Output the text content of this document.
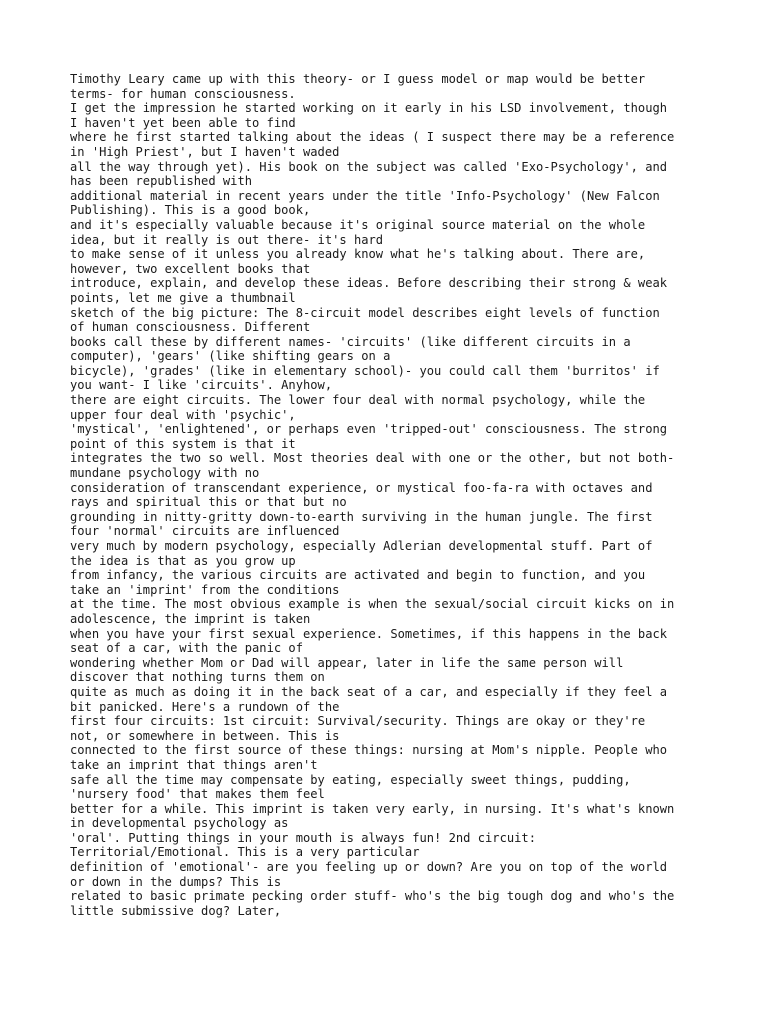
Timothy Leary came up with this theory- or I guess model or map would be better
terms- for human consciousness.
I get the impression he started working on it early in his LSD involvement, though
I haven't yet been able to find
where he first started talking about the ideas ( I suspect there may be a reference
in 'High Priest', but I haven't waded
all the way through yet). His book on the subject was called 'Exo-Psychology', and
has been republished with
additional material in recent years under the title 'Info-Psychology' (New Falcon
Publishing). This is a good book,
and it's especially valuable because it's original source material on the whole
idea, but it really is out there- it's hard
to make sense of it unless you already know what he's talking about. There are,
however, two excellent books that
introduce, explain, and develop these ideas. Before describing their strong & weak
points, let me give a thumbnail
sketch of the big picture: The 8-circuit model describes eight levels of function
of human consciousness. Different
books call these by different names- 'circuits' (like different circuits in a
computer), 'gears' (like shifting gears on a
bicycle), 'grades' (like in elementary school)- you could call them 'burritos' if
you want- I like 'circuits'. Anyhow,
there are eight circuits. The lower four deal with normal psychology, while the
upper four deal with 'psychic',
'mystical', 'enlightened', or perhaps even 'tripped-out' consciousness. The strong
point of this system is that it
integrates the two so well. Most theories deal with one or the other, but not both-
mundane psychology with no
consideration of transcendant experience, or mystical foo-fa-ra with octaves and
rays and spiritual this or that but no
grounding in nitty-gritty down-to-earth surviving in the human jungle. The first
four 'normal' circuits are influenced
very much by modern psychology, especially Adlerian developmental stuff. Part of
the idea is that as you grow up
from infancy, the various circuits are activated and begin to function, and you
take an 'imprint' from the conditions
at the time. The most obvious example is when the sexual/social circuit kicks on in
adolescence, the imprint is taken
when you have your first sexual experience. Sometimes, if this happens in the back
seat of a car, with the panic of
wondering whether Mom or Dad will appear, later in life the same person will
discover that nothing turns them on
quite as much as doing it in the back seat of a car, and especially if they feel a
bit panicked. Here's a rundown of the
first four circuits: 1st circuit: Survival/security. Things are okay or they're
not, or somewhere in between. This is
connected to the first source of these things: nursing at Mom's nipple. People who
take an imprint that things aren't
safe all the time may compensate by eating, especially sweet things, pudding,
'nursery food' that makes them feel
better for a while. This imprint is taken very early, in nursing. It's what's known
in developmental psychology as
'oral'. Putting things in your mouth is always fun! 2nd circuit:
Territorial/Emotional. This is a very particular
definition of 'emotional'- are you feeling up or down? Are you on top of the world
or down in the dumps? This is
related to basic primate pecking order stuff- who's the big tough dog and who's the
little submissive dog? Later,
